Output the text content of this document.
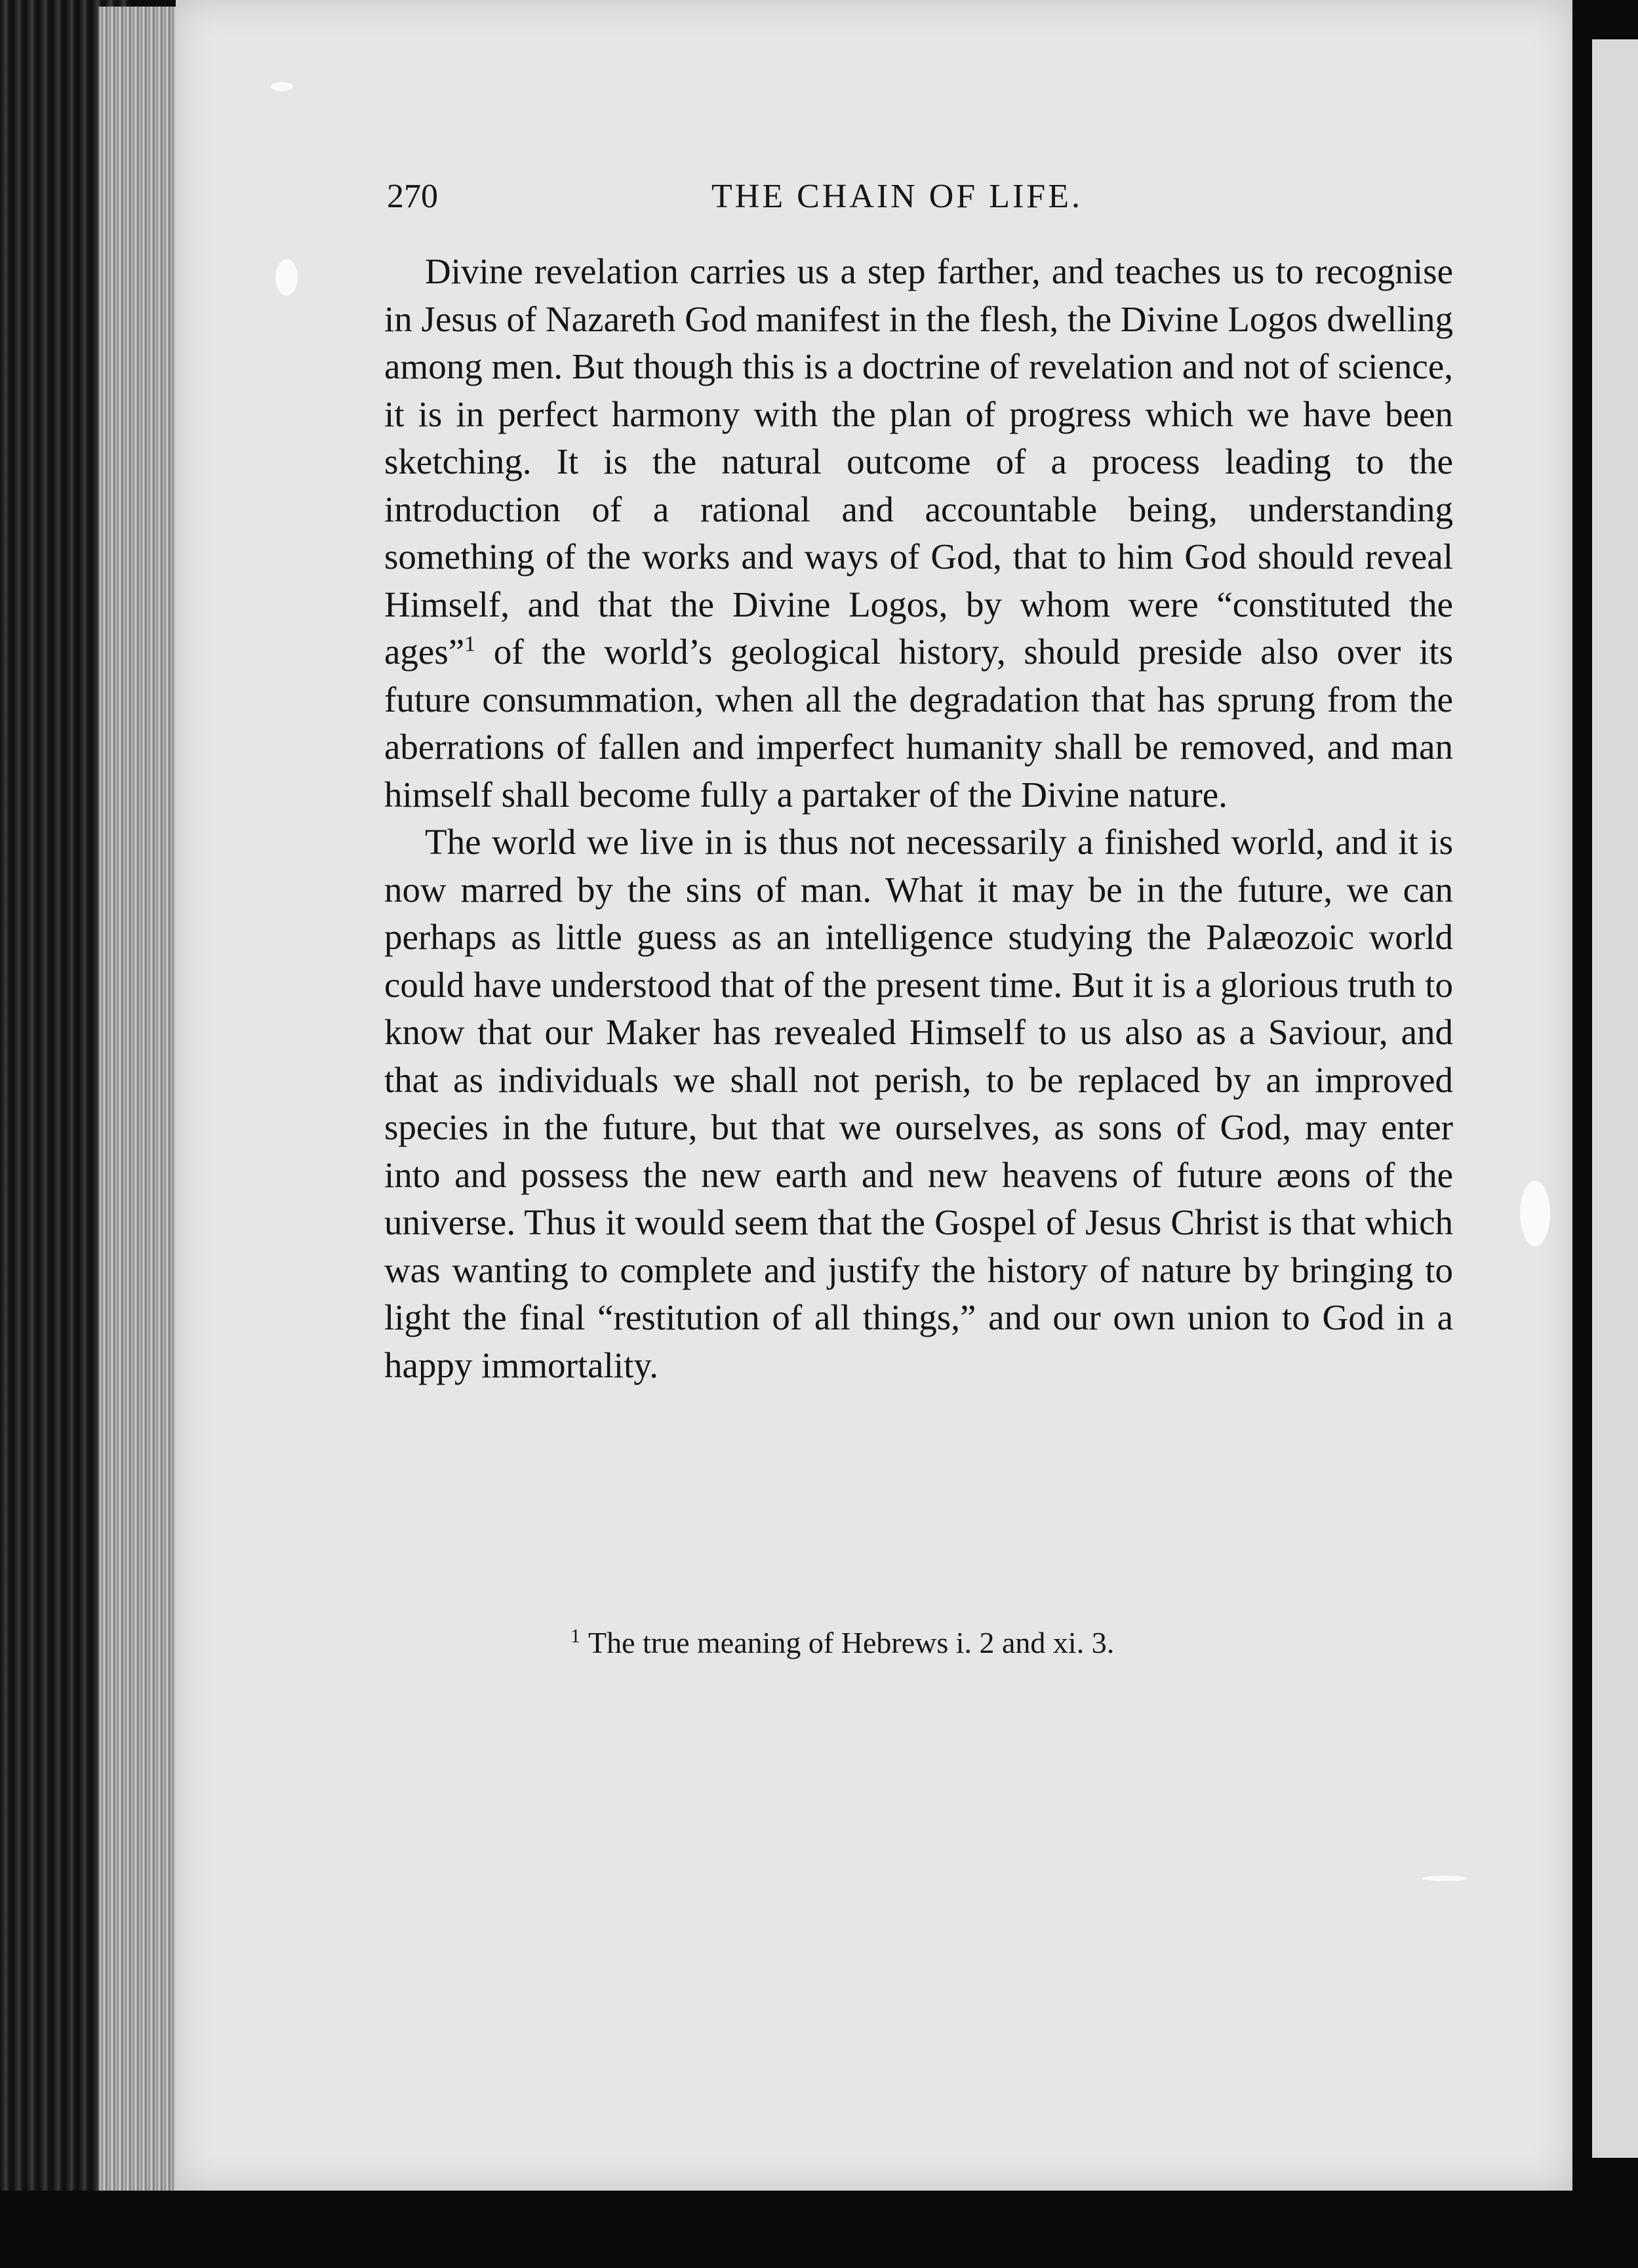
270	THE CHAIN OF LIFE.

Divine revelation carries us a step farther, and teaches us to recognise in Jesus of Nazareth God manifest in the flesh, the Divine Logos dwelling among men. But though this is a doctrine of revelation and not of science, it is in perfect harmony with the plan of progress which we have been sketching. It is the natural outcome of a process leading to the introduction of a rational and accountable being, understanding something of the works and ways of God, that to him God should reveal Himself, and that the Divine Logos, by whom were “constituted the ages”$^1$ of the world’s geological history, should preside also over its future consummation, when all the degradation that has sprung from the aberrations of fallen and imperfect humanity shall be removed, and man himself shall become fully a partaker of the Divine nature.

The world we live in is thus not necessarily a finished world, and it is now marred by the sins of man. What it may be in the future, we can perhaps as little guess as an intelligence studying the Palæozoic world could have understood that of the present time. But it is a glorious truth to know that our Maker has revealed Himself to us also as a Saviour, and that as individuals we shall not perish, to be replaced by an improved species in the future, but that we ourselves, as sons of God, may enter into and possess the new earth and new heavens of future æons of the universe. Thus it would seem that the Gospel of Jesus Christ is that which was wanting to complete and justify the history of nature by bringing to light the final “restitution of all things,” and our own union to God in a happy immortality.

$^1$ The true meaning of Hebrews i. 2 and xi. 3.
